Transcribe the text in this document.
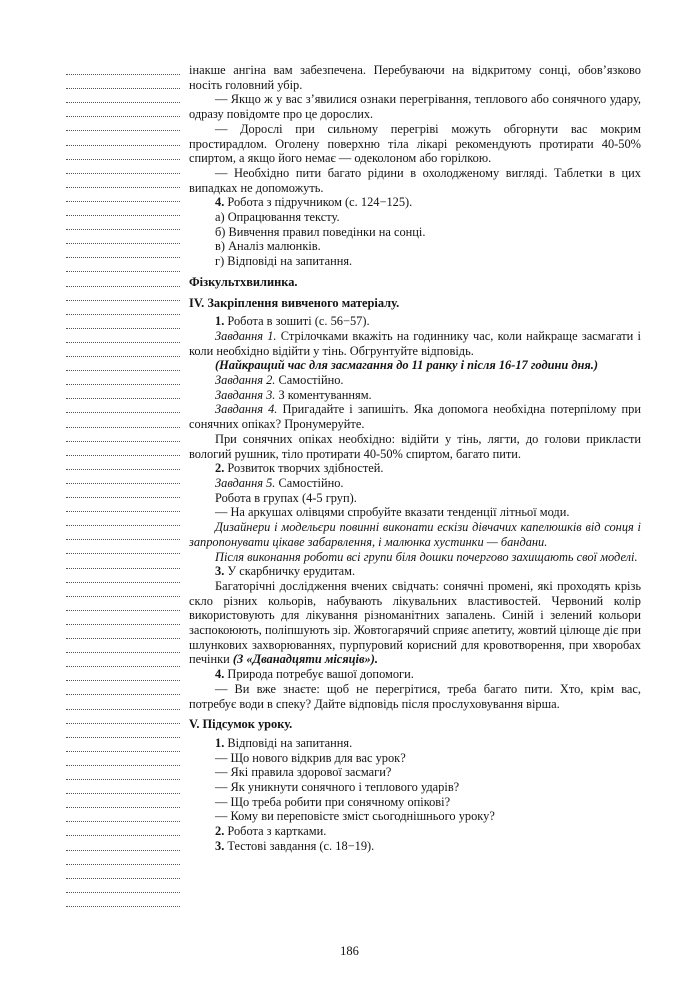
інакше ангіна вам забезпечена. Перебуваючи на відкритому сонці, обов’язково носіть головний убір.

— Якщо ж у вас з’явилися ознаки перегрівання, теплового або сонячного удару, одразу повідомте про це дорослих.

— Дорослі при сильному перегріві можуть обгорнути вас мокрим простирадлом. Оголену поверхню тіла лікарі рекомендують протирати 40-50% спиртом, а якщо його немає — одеколоном або горілкою.

— Необхідно пити багато рідини в охолодженому вигляді. Таблетки в цих випадках не допоможуть.

4. Робота з підручником (с. 124−125).

а) Опрацювання тексту.

б) Вивчення правил поведінки на сонці.

в) Аналіз малюнків.

г) Відповіді на запитання.

Фізкультхвилинка.

IV. Закріплення вивченого матеріалу.

1. Робота в зошиті (с. 56−57).

Завдання 1. Стрілочками вкажіть на годиннику час, коли найкраще засмагати і коли необхідно відійти у тінь. Обгрунтуйте відповідь.

(Найкращий час для засмагання до 11 ранку і після 16-17 години дня.)

Завдання 2. Самостійно.

Завдання 3. З коментуванням.

Завдання 4. Пригадайте і запишіть. Яка допомога необхідна потерпілому при сонячних опіках? Пронумеруйте.

При сонячних опіках необхідно: відійти у тінь, лягти, до голови прикласти вологий рушник, тіло протирати 40-50% спиртом, багато пити.

2. Розвиток творчих здібностей.

Завдання 5. Самостійно.

Робота в групах (4-5 груп).

— На аркушах олівцями спробуйте вказати тенденції літньої моди.

Дизайнери і модельєри повинні виконати ескізи дівчачих капелюшків від сонця і запропонувати цікаве забарвлення, і малюнка хустинки — бандани.

Після виконання роботи всі групи біля дошки почергово захищають свої моделі.

3. У скарбничку ерудитам.

Багаторічні дослідження вчених свідчать: сонячні промені, які проходять крізь скло різних кольорів, набувають лікувальних властивостей. Червоний колір використовують для лікування різноманітних запалень. Синій і зелений кольори заспокоюють, поліпшують зір. Жовтогарячий сприяє апетиту, жовтий цілюще діє при шлункових захворюваннях, пурпуровий корисний для кровотворення, при хворобах печінки (З «Дванадцяти місяців»).

4. Природа потребує вашої допомоги.

— Ви вже знаєте: щоб не перегрітися, треба багато пити. Хто, крім вас, потребує води в спеку? Дайте відповідь після прослуховування вірша.

V. Підсумок уроку.

1. Відповіді на запитання.

— Що нового відкрив для вас урок?

— Які правила здорової засмаги?

— Як уникнути сонячного і теплового ударів?

— Що треба робити при сонячному опікові?

— Кому ви переповісте зміст сьогоднішнього уроку?

2. Робота з картками.

3. Тестові завдання (с. 18−19).

186
